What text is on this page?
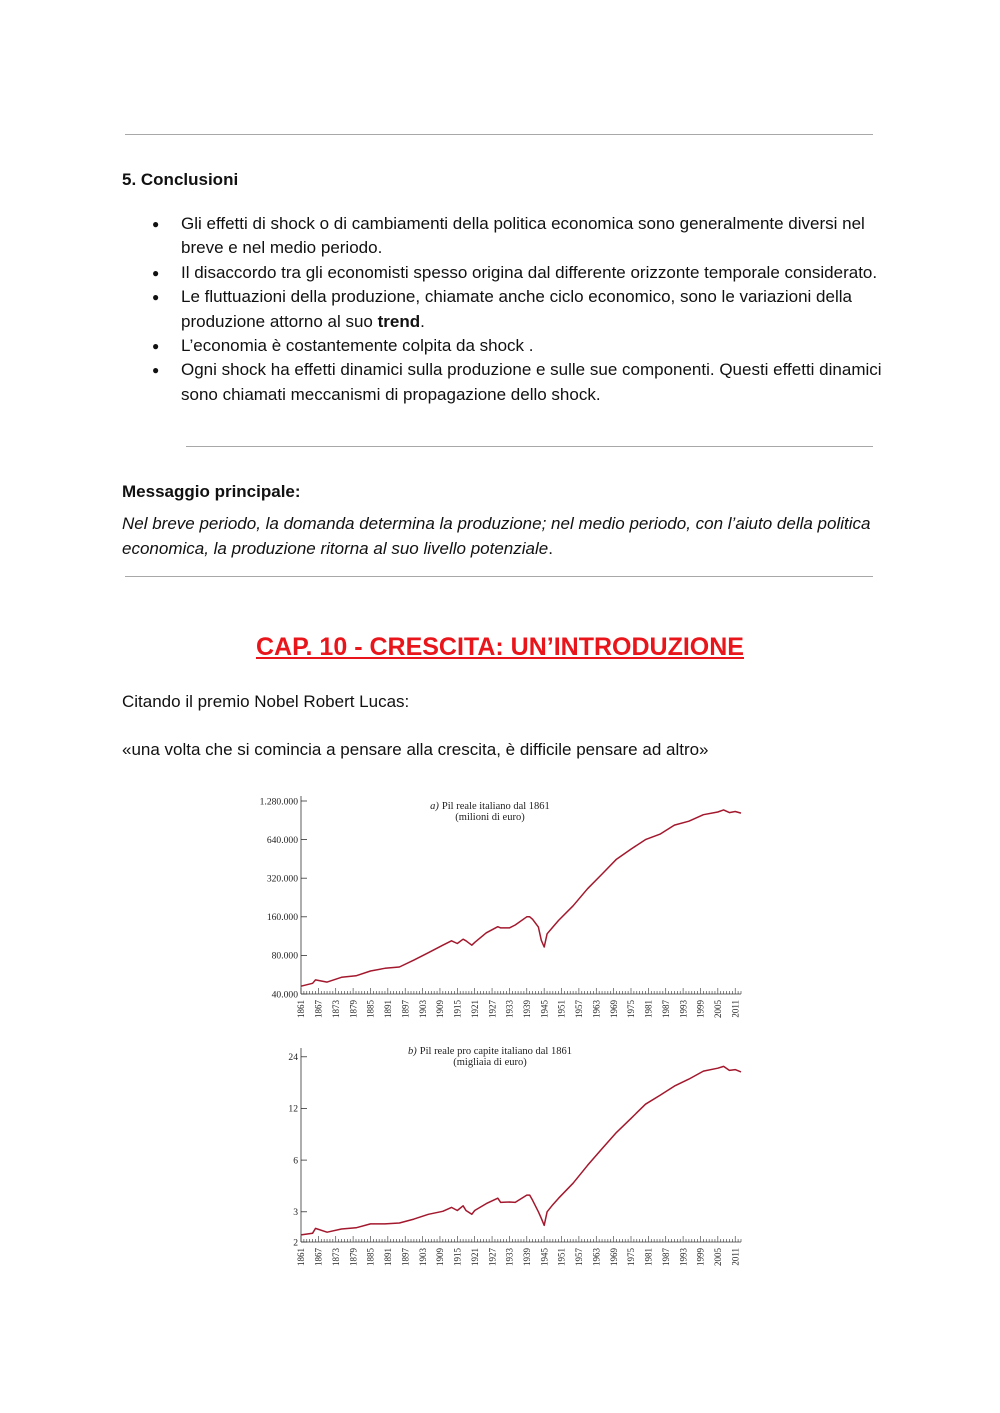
5. Conclusioni

● Gli effetti di shock o di cambiamenti della politica economica sono generalmente diversi nel breve e nel medio periodo.
● Il disaccordo tra gli economisti spesso origina dal differente orizzonte temporale considerato.
● Le fluttuazioni della produzione, chiamate anche ciclo economico, sono le variazioni della produzione attorno al suo trend.
● L’economia è costantemente colpita da shock .
● Ogni shock ha effetti dinamici sulla produzione e sulle sue componenti. Questi effetti dinamici sono chiamati meccanismi di propagazione dello shock.

Messaggio principale:

Nel breve periodo, la domanda determina la produzione; nel medio periodo, con l’aiuto della politica economica, la produzione ritorna al suo livello potenziale.

CAP. 10 - CRESCITA: UN’INTRODUZIONE

Citando il premio Nobel Robert Lucas:

«una volta che si comincia a pensare alla crescita, è difficile pensare ad altro»

40.000
80.000
160.000
320.000
640.000
1.280.000
1861 1867 1873 1879 1885 1891 1897 1903 1909 1915 1921 1927 1933 1939 1945 1951 1957 1963 1969 1975 1981 1987 1993 1999 2005 2011
a) Pil reale italiano dal 1861
(milioni di euro)
2
3
6
12
24
1861 1867 1873 1879 1885 1891 1897 1903 1909 1915 1921 1927 1933 1939 1945 1951 1957 1963 1969 1975 1981 1987 1993 1999 2005 2011
b) Pil reale pro capite italiano dal 1861
(migliaia di euro)
